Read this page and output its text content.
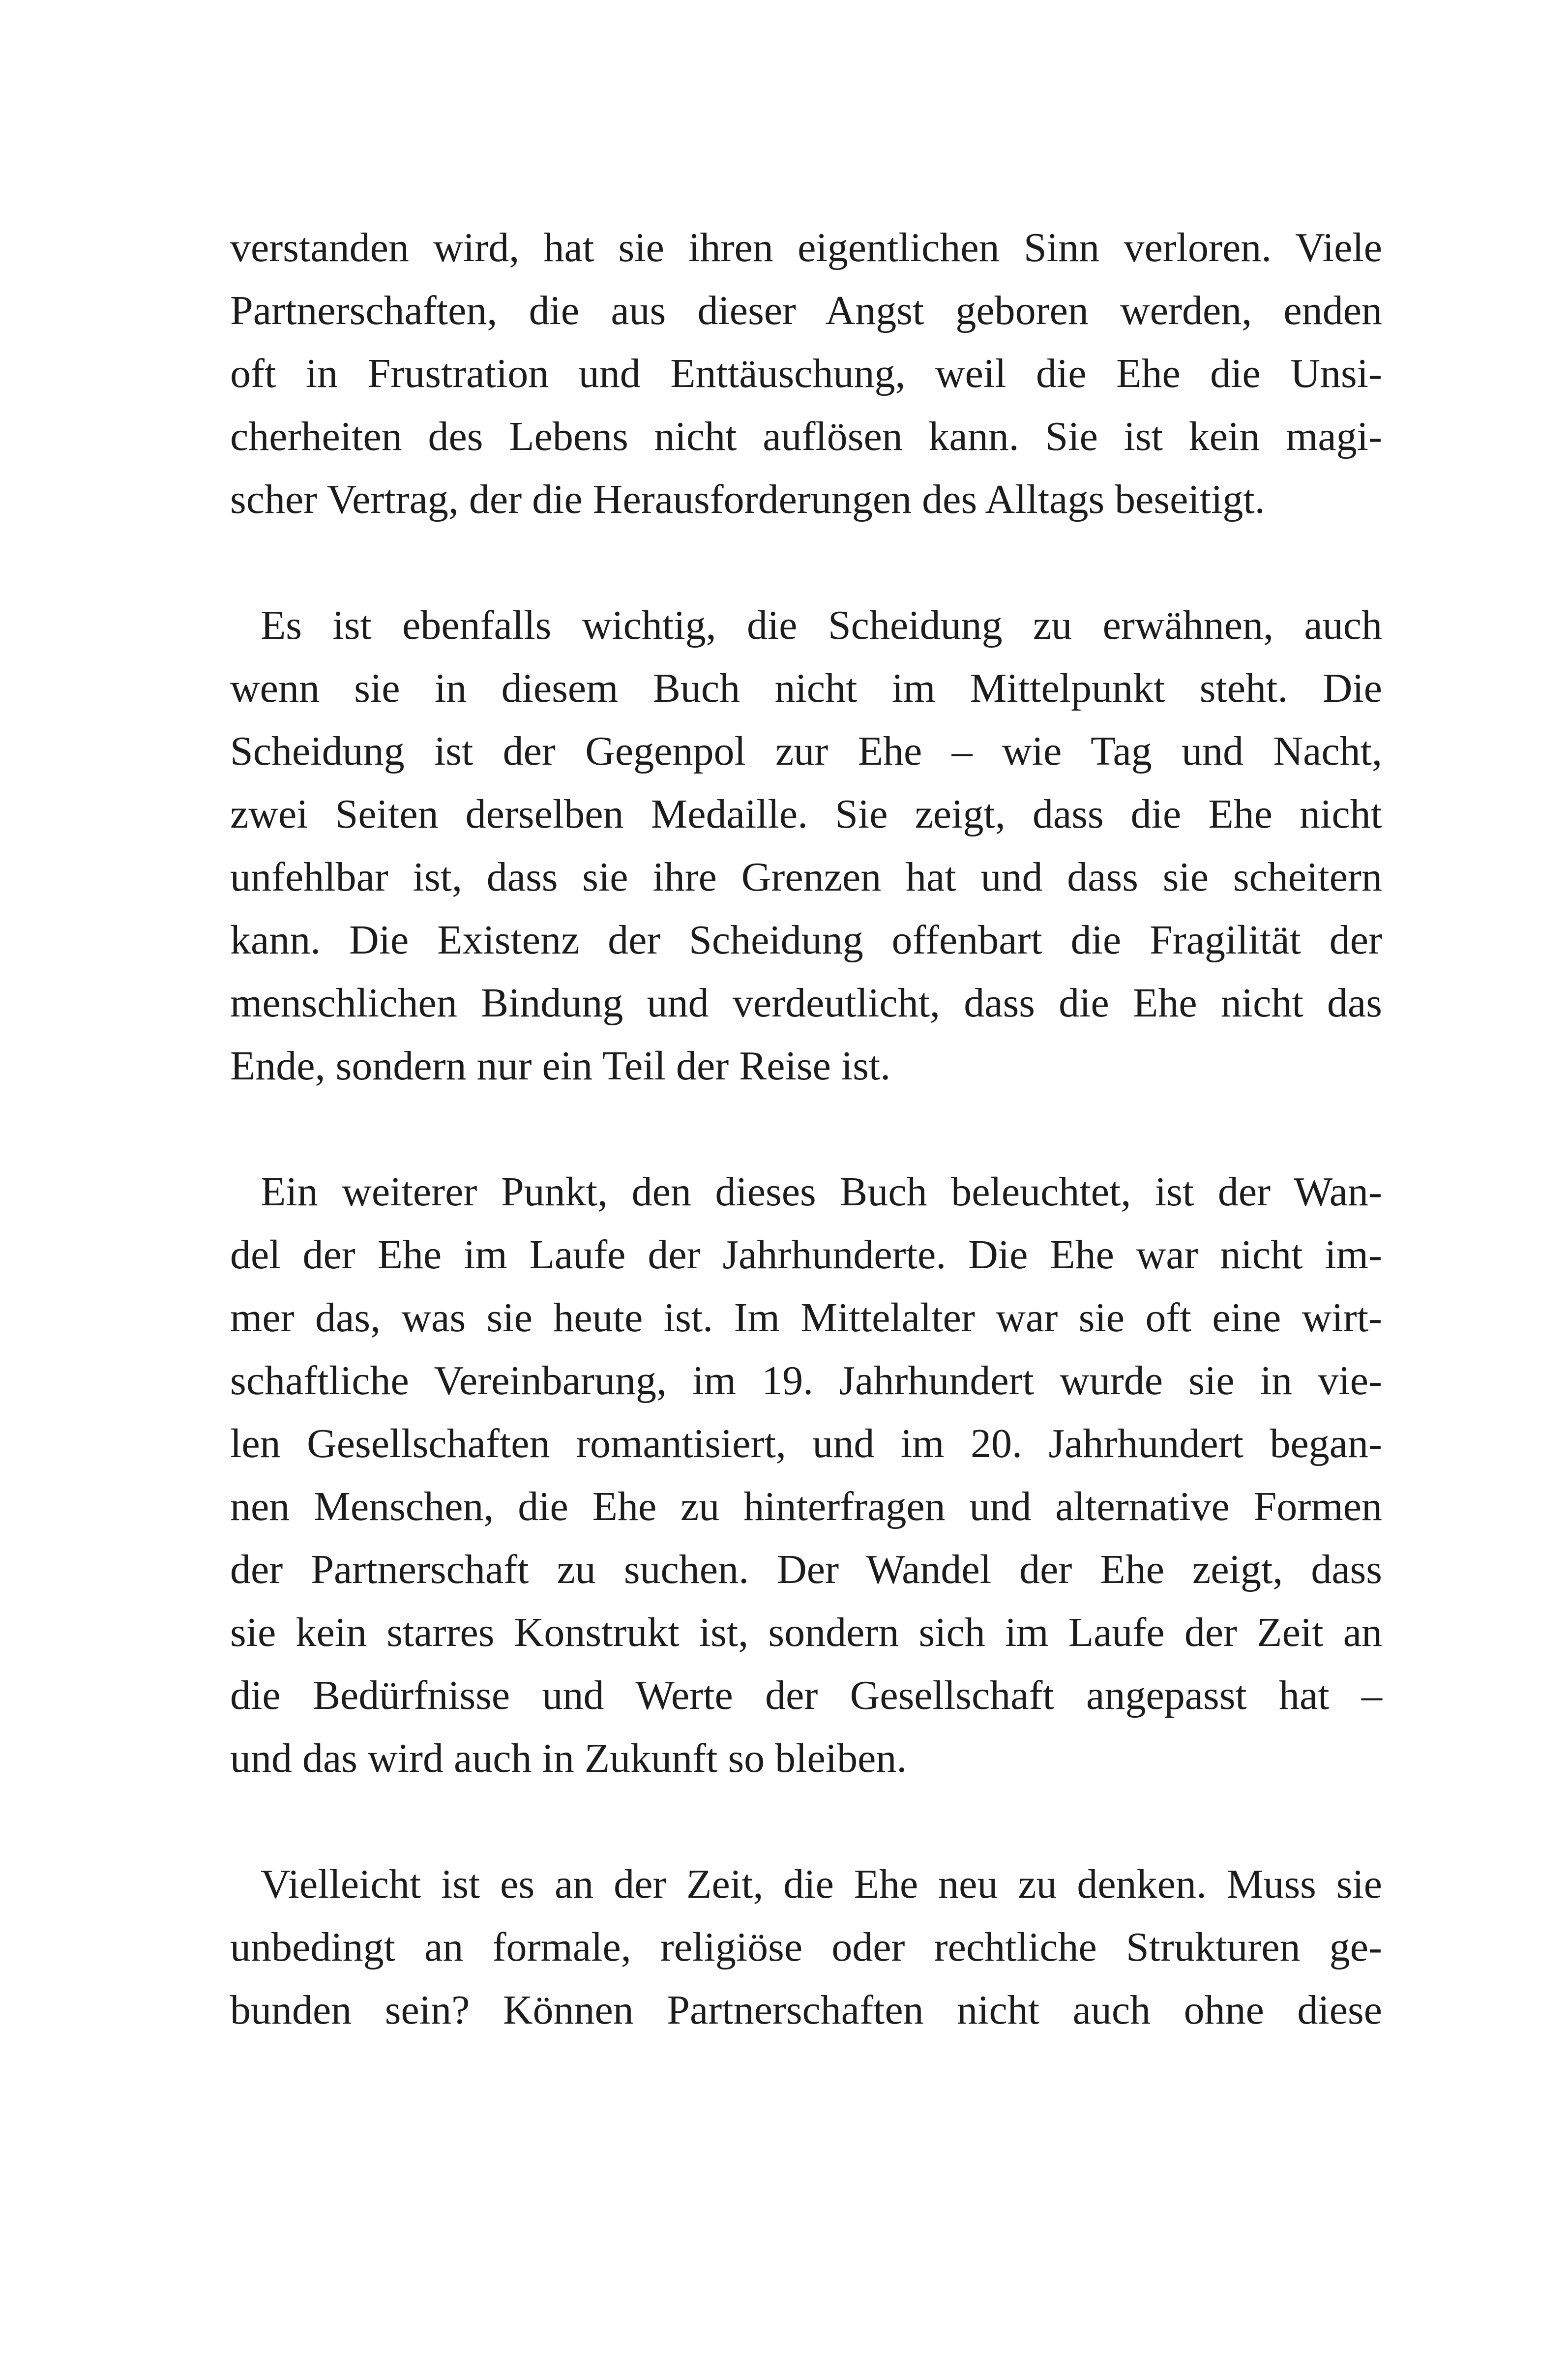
verstanden wird, hat sie ihren eigentlichen Sinn verloren. Viele
Partnerschaften, die aus dieser Angst geboren werden, enden
oft in Frustration und Enttäuschung, weil die Ehe die Unsi-
cherheiten des Lebens nicht auflösen kann. Sie ist kein magi-
scher Vertrag, der die Herausforderungen des Alltags beseitigt.

Es ist ebenfalls wichtig, die Scheidung zu erwähnen, auch
wenn sie in diesem Buch nicht im Mittelpunkt steht. Die
Scheidung ist der Gegenpol zur Ehe – wie Tag und Nacht,
zwei Seiten derselben Medaille. Sie zeigt, dass die Ehe nicht
unfehlbar ist, dass sie ihre Grenzen hat und dass sie scheitern
kann. Die Existenz der Scheidung offenbart die Fragilität der
menschlichen Bindung und verdeutlicht, dass die Ehe nicht das
Ende, sondern nur ein Teil der Reise ist.

Ein weiterer Punkt, den dieses Buch beleuchtet, ist der Wan-
del der Ehe im Laufe der Jahrhunderte. Die Ehe war nicht im-
mer das, was sie heute ist. Im Mittelalter war sie oft eine wirt-
schaftliche Vereinbarung, im 19. Jahrhundert wurde sie in vie-
len Gesellschaften romantisiert, und im 20. Jahrhundert began-
nen Menschen, die Ehe zu hinterfragen und alternative Formen
der Partnerschaft zu suchen. Der Wandel der Ehe zeigt, dass
sie kein starres Konstrukt ist, sondern sich im Laufe der Zeit an
die Bedürfnisse und Werte der Gesellschaft angepasst hat –
und das wird auch in Zukunft so bleiben.

Vielleicht ist es an der Zeit, die Ehe neu zu denken. Muss sie
unbedingt an formale, religiöse oder rechtliche Strukturen ge-
bunden sein? Können Partnerschaften nicht auch ohne diese
